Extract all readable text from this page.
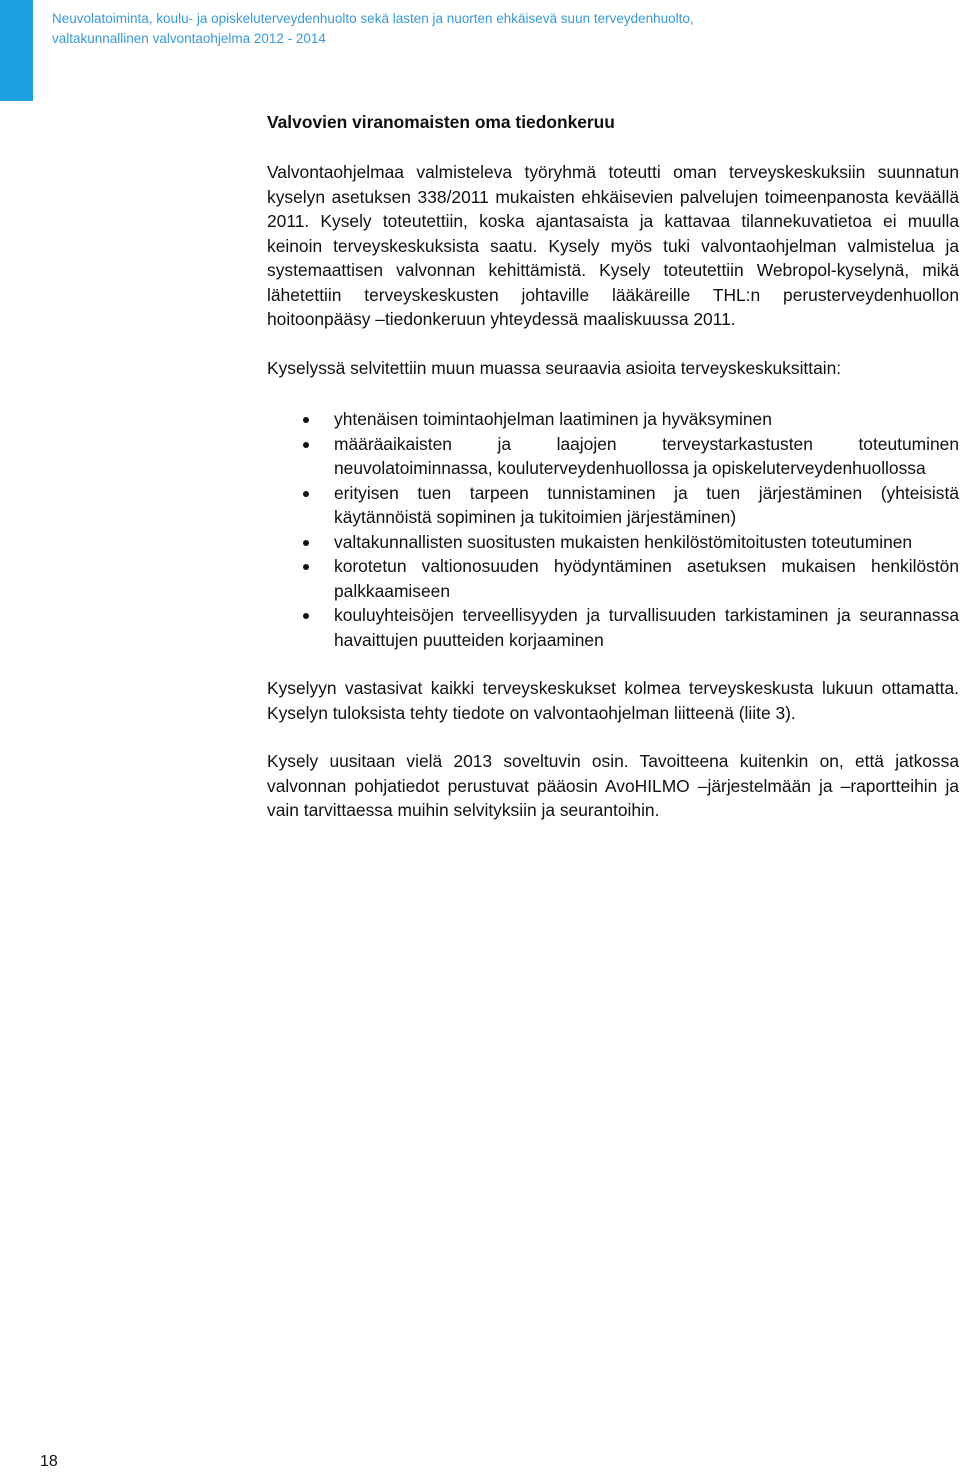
Neuvolatoiminta, koulu- ja opiskeluterveydenhuolto sekä lasten ja nuorten ehkäisevä suun terveydenhuolto,
valtakunnallinen valvontaohjelma 2012 - 2014
Valvovien viranomaisten oma tiedonkeruu

Valvontaohjelmaa valmisteleva työryhmä toteutti oman terveyskeskuksiin suunnatun kyselyn asetuksen 338/2011 mukaisten ehkäisevien palvelujen toimeenpanosta keväällä 2011. Kysely toteutettiin, koska ajantasaista ja kattavaa tilannekuvatietoa ei muulla keinoin terveyskeskuksista saatu. Kysely myös tuki valvontaohjelman valmistelua ja systemaattisen valvonnan kehittämistä. Kysely toteutettiin Webropol-kyselynä, mikä lähetettiin terveyskeskusten johtaville lääkäreille THL:n perusterveydenhuollon hoitoonpääsy –tiedonkeruun yhteydessä maaliskuussa 2011.

Kyselyssä selvitettiin muun muassa seuraavia asioita terveyskeskuksittain:

yhtenäisen toimintaohjelman laatiminen ja hyväksyminen
määräaikaisten ja laajojen terveystarkastusten toteutuminen neuvolatoiminnassa, kouluterveydenhuollossa ja opiskeluterveydenhuollossa
erityisen tuen tarpeen tunnistaminen ja tuen järjestäminen (yhteisistä käytännöistä sopiminen ja tukitoimien järjestäminen)
valtakunnallisten suositusten mukaisten henkilöstömitoitusten toteutuminen
korotetun valtionosuuden hyödyntäminen asetuksen mukaisen henkilöstön palkkaamiseen
kouluyhteisöjen terveellisyyden ja turvallisuuden tarkistaminen ja seurannassa havaittujen puutteiden korjaaminen

Kyselyyn vastasivat kaikki terveyskeskukset kolmea terveyskeskusta lukuun ottamatta. Kyselyn tuloksista tehty tiedote on valvontaohjelman liitteenä (liite 3).

Kysely uusitaan vielä 2013 soveltuvin osin. Tavoitteena kuitenkin on, että jatkossa valvonnan pohjatiedot perustuvat pääosin AvoHILMO –järjestelmään ja –raportteihin ja vain tarvittaessa muihin selvityksiin ja seurantoihin.

18
